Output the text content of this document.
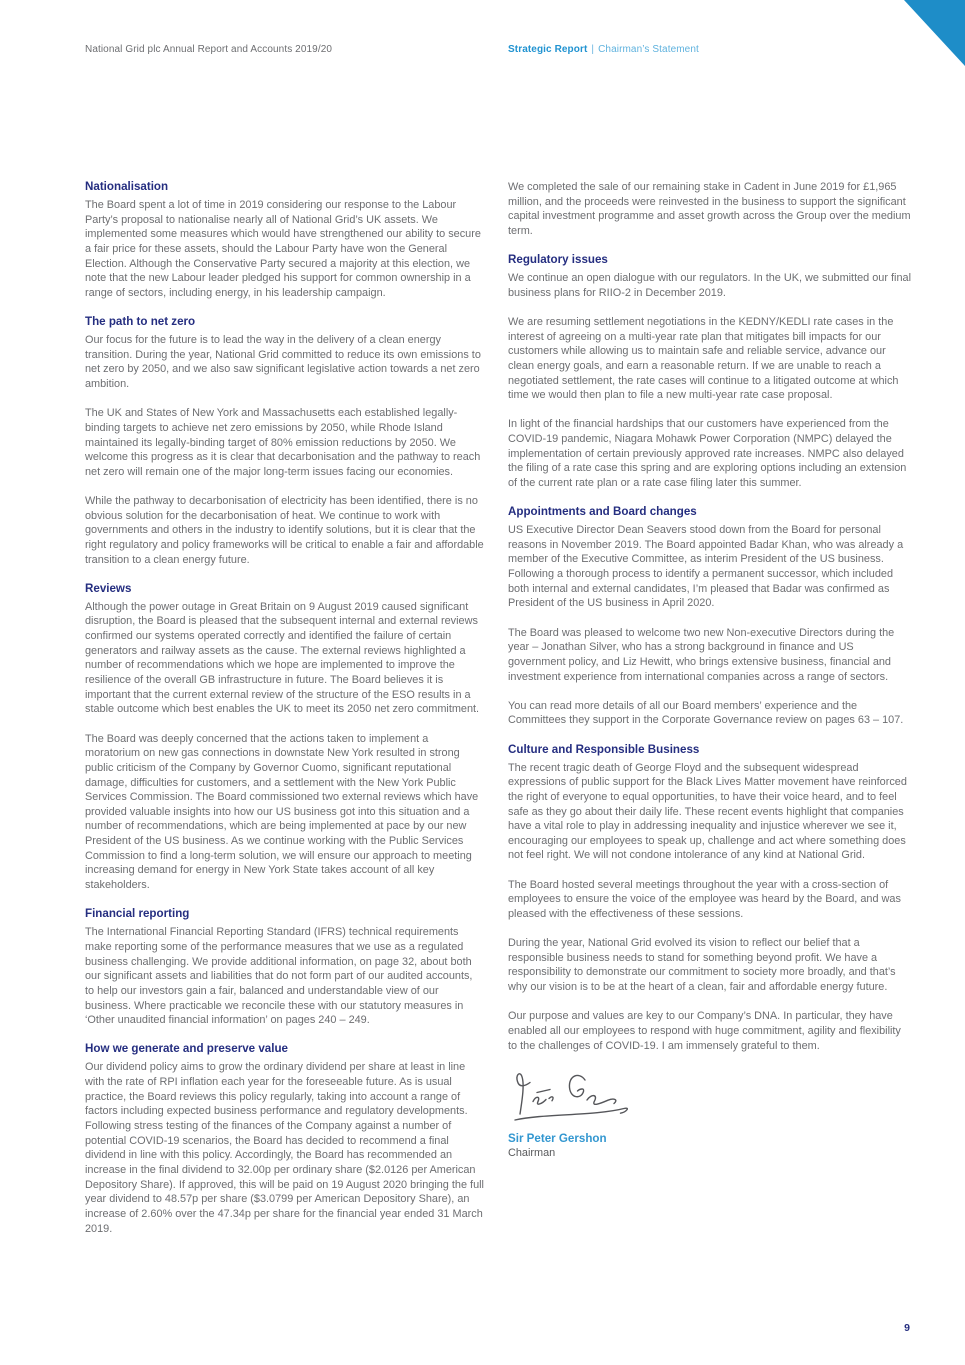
National Grid plc Annual Report and Accounts 2019/20	Strategic Report | Chairman’s Statement
Nationalisation

The Board spent a lot of time in 2019 considering our response to the Labour Party’s proposal to nationalise nearly all of National Grid’s UK assets. We implemented some measures which would have strengthened our ability to secure a fair price for these assets, should the Labour Party have won the General Election. Although the Conservative Party secured a majority at this election, we note that the new Labour leader pledged his support for common ownership in a range of sectors, including energy, in his leadership campaign.

The path to net zero

Our focus for the future is to lead the way in the delivery of a clean energy transition. During the year, National Grid committed to reduce its own emissions to net zero by 2050, and we also saw significant legislative action towards a net zero ambition.

The UK and States of New York and Massachusetts each established legally-binding targets to achieve net zero emissions by 2050, while Rhode Island maintained its legally-binding target of 80% emission reductions by 2050. We welcome this progress as it is clear that decarbonisation and the pathway to reach net zero will remain one of the major long-term issues facing our economies.

While the pathway to decarbonisation of electricity has been identified, there is no obvious solution for the decarbonisation of heat. We continue to work with governments and others in the industry to identify solutions, but it is clear that the right regulatory and policy frameworks will be critical to enable a fair and affordable transition to a clean energy future.

Reviews

Although the power outage in Great Britain on 9 August 2019 caused significant disruption, the Board is pleased that the subsequent internal and external reviews confirmed our systems operated correctly and identified the failure of certain generators and railway assets as the cause. The external reviews highlighted a number of recommendations which we hope are implemented to improve the resilience of the overall GB infrastructure in future. The Board believes it is important that the current external review of the structure of the ESO results in a stable outcome which best enables the UK to meet its 2050 net zero commitment.

The Board was deeply concerned that the actions taken to implement a moratorium on new gas connections in downstate New York resulted in strong public criticism of the Company by Governor Cuomo, significant reputational damage, difficulties for customers, and a settlement with the New York Public Services Commission. The Board commissioned two external reviews which have provided valuable insights into how our US business got into this situation and a number of recommendations, which are being implemented at pace by our new President of the US business. As we continue working with the Public Services Commission to find a long-term solution, we will ensure our approach to meeting increasing demand for energy in New York State takes account of all key stakeholders.

Financial reporting

The International Financial Reporting Standard (IFRS) technical requirements make reporting some of the performance measures that we use as a regulated business challenging. We provide additional information, on page 32, about both our significant assets and liabilities that do not form part of our audited accounts, to help our investors gain a fair, balanced and understandable view of our business. Where practicable we reconcile these with our statutory measures in ‘Other unaudited financial information’ on pages 240 – 249.

How we generate and preserve value

Our dividend policy aims to grow the ordinary dividend per share at least in line with the rate of RPI inflation each year for the foreseeable future. As is usual practice, the Board reviews this policy regularly, taking into account a range of factors including expected business performance and regulatory developments. Following stress testing of the finances of the Company against a number of potential COVID-19 scenarios, the Board has decided to recommend a final dividend in line with this policy. Accordingly, the Board has recommended an increase in the final dividend to 32.00p per ordinary share ($2.0126 per American Depository Share). If approved, this will be paid on 19 August 2020 bringing the full year dividend to 48.57p per share ($3.0799 per American Depository Share), an increase of 2.60% over the 47.34p per share for the financial year ended 31 March 2019.

We completed the sale of our remaining stake in Cadent in June 2019 for £1,965 million, and the proceeds were reinvested in the business to support the significant capital investment programme and asset growth across the Group over the medium term.

Regulatory issues

We continue an open dialogue with our regulators. In the UK, we submitted our final business plans for RIIO-2 in December 2019.

We are resuming settlement negotiations in the KEDNY/KEDLI rate cases in the interest of agreeing on a multi-year rate plan that mitigates bill impacts for our customers while allowing us to maintain safe and reliable service, advance our clean energy goals, and earn a reasonable return. If we are unable to reach a negotiated settlement, the rate cases will continue to a litigated outcome at which time we would then plan to file a new multi-year rate case proposal.

In light of the financial hardships that our customers have experienced from the COVID-19 pandemic, Niagara Mohawk Power Corporation (NMPC) delayed the implementation of certain previously approved rate increases. NMPC also delayed the filing of a rate case this spring and are exploring options including an extension of the current rate plan or a rate case filing later this summer.

Appointments and Board changes

US Executive Director Dean Seavers stood down from the Board for personal reasons in November 2019. The Board appointed Badar Khan, who was already a member of the Executive Committee, as interim President of the US business. Following a thorough process to identify a permanent successor, which included both internal and external candidates, I’m pleased that Badar was confirmed as President of the US business in April 2020.

The Board was pleased to welcome two new Non-executive Directors during the year – Jonathan Silver, who has a strong background in finance and US government policy, and Liz Hewitt, who brings extensive business, financial and investment experience from international companies across a range of sectors.

You can read more details of all our Board members’ experience and the Committees they support in the Corporate Governance review on pages 63 – 107.

Culture and Responsible Business

The recent tragic death of George Floyd and the subsequent widespread expressions of public support for the Black Lives Matter movement have reinforced the right of everyone to equal opportunities, to have their voice heard, and to feel safe as they go about their daily life. These recent events highlight that companies have a vital role to play in addressing inequality and injustice wherever we see it, encouraging our employees to speak up, challenge and act where something does not feel right. We will not condone intolerance of any kind at National Grid.

The Board hosted several meetings throughout the year with a cross-section of employees to ensure the voice of the employee was heard by the Board, and was pleased with the effectiveness of these sessions.

During the year, National Grid evolved its vision to reflect our belief that a responsible business needs to stand for something beyond profit. We have a responsibility to demonstrate our commitment to society more broadly, and that’s why our vision is to be at the heart of a clean, fair and affordable energy future.

Our purpose and values are key to our Company’s DNA. In particular, they have enabled all our employees to respond with huge commitment, agility and flexibility to the challenges of COVID-19. I am immensely grateful to them.

Sir Peter Gershon
Chairman
9
